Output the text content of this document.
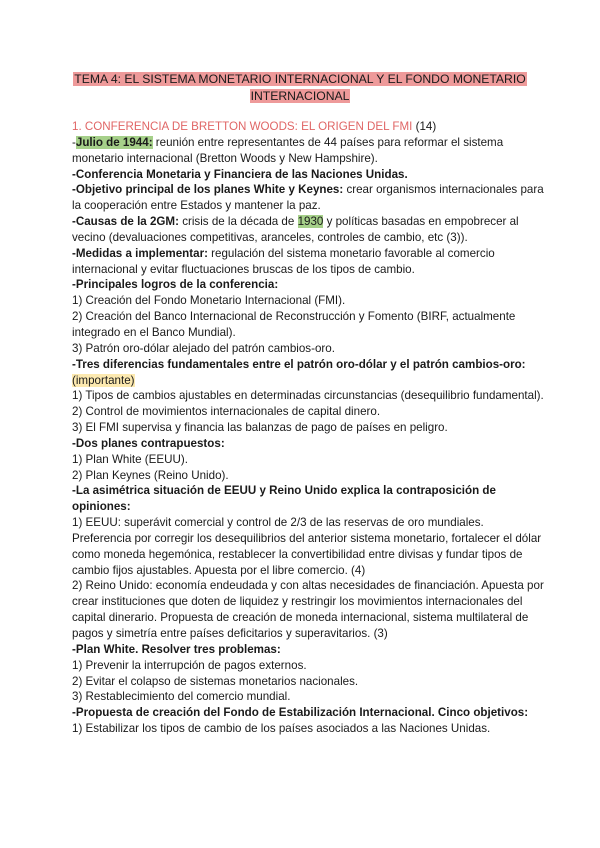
TEMA 4: EL SISTEMA MONETARIO INTERNACIONAL Y EL FONDO MONETARIO
INTERNACIONAL

1. CONFERENCIA DE BRETTON WOODS: EL ORIGEN DEL FMI (14)

-Julio de 1944: reunión entre representantes de 44 países para reformar el sistema monetario internacional (Bretton Woods y New Hampshire).

-Conferencia Monetaria y Financiera de las Naciones Unidas.

-Objetivo principal de los planes White y Keynes: crear organismos internacionales para la cooperación entre Estados y mantener la paz.

-Causas de la 2GM: crisis de la década de 1930 y políticas basadas en empobrecer al vecino (devaluaciones competitivas, aranceles, controles de cambio, etc (3)).

-Medidas a implementar: regulación del sistema monetario favorable al comercio internacional y evitar fluctuaciones bruscas de los tipos de cambio.

-Principales logros de la conferencia:

1) Creación del Fondo Monetario Internacional (FMI).

2) Creación del Banco Internacional de Reconstrucción y Fomento (BIRF, actualmente integrado en el Banco Mundial).

3) Patrón oro-dólar alejado del patrón cambios-oro.

-Tres diferencias fundamentales entre el patrón oro-dólar y el patrón cambios-oro: (importante)

1) Tipos de cambios ajustables en determinadas circunstancias (desequilibrio fundamental).

2) Control de movimientos internacionales de capital dinero.

3) El FMI supervisa y financia las balanzas de pago de países en peligro.

-Dos planes contrapuestos:

1) Plan White (EEUU).

2) Plan Keynes (Reino Unido).

-La asimétrica situación de EEUU y Reino Unido explica la contraposición de opiniones:

1) EEUU: superávit comercial y control de 2/3 de las reservas de oro mundiales. Preferencia por corregir los desequilibrios del anterior sistema monetario, fortalecer el dólar como moneda hegemónica, restablecer la convertibilidad entre divisas y fundar tipos de cambio fijos ajustables. Apuesta por el libre comercio. (4)

2) Reino Unido: economía endeudada y con altas necesidades de financiación. Apuesta por crear instituciones que doten de liquidez y restringir los movimientos internacionales del capital dinerario. Propuesta de creación de moneda internacional, sistema multilateral de pagos y simetría entre países deficitarios y superavitarios. (3)

-Plan White. Resolver tres problemas:

1) Prevenir la interrupción de pagos externos.

2) Evitar el colapso de sistemas monetarios nacionales.

3) Restablecimiento del comercio mundial.

-Propuesta de creación del Fondo de Estabilización Internacional. Cinco objetivos:

1) Estabilizar los tipos de cambio de los países asociados a las Naciones Unidas.
